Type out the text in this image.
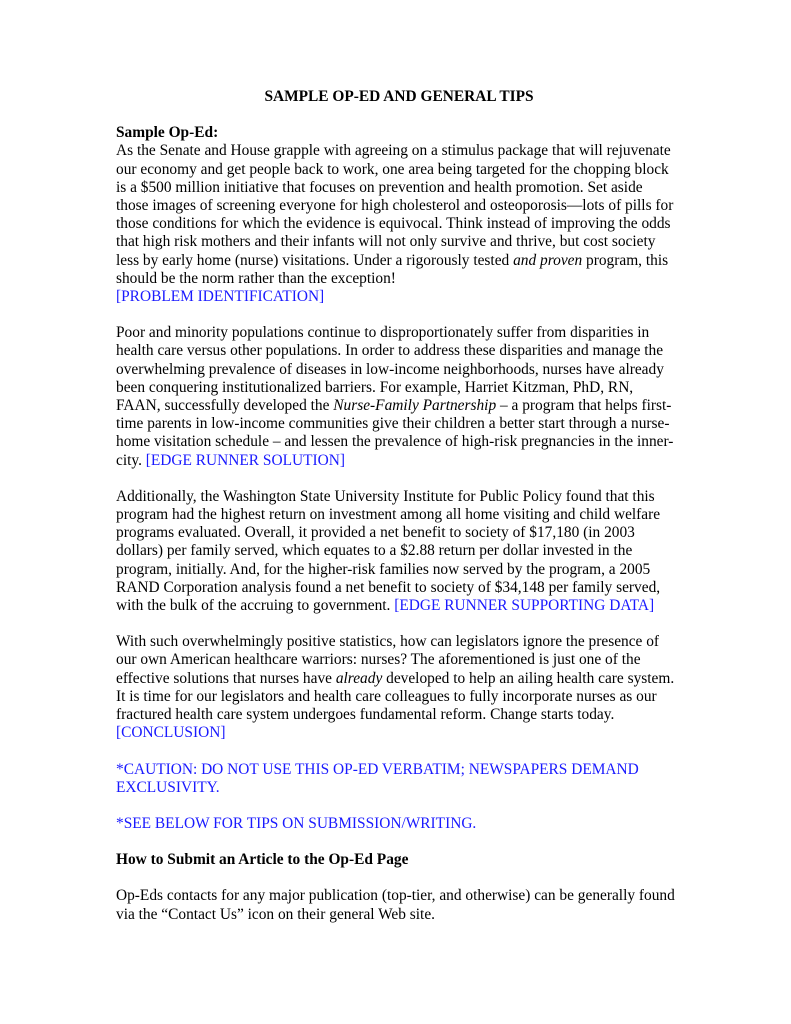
SAMPLE OP-ED AND GENERAL TIPS
Sample Op-Ed:

As the Senate and House grapple with agreeing on a stimulus package that will rejuvenate our economy and get people back to work, one area being targeted for the chopping block is a $500 million initiative that focuses on prevention and health promotion. Set aside those images of screening everyone for high cholesterol and osteoporosis—lots of pills for those conditions for which the evidence is equivocal. Think instead of improving the odds that high risk mothers and their infants will not only survive and thrive, but cost society less by early home (nurse) visitations. Under a rigorously tested and proven program, this should be the norm rather than the exception!
[PROBLEM IDENTIFICATION]

Poor and minority populations continue to disproportionately suffer from disparities in health care versus other populations. In order to address these disparities and manage the overwhelming prevalence of diseases in low-income neighborhoods, nurses have already been conquering institutionalized barriers. For example, Harriet Kitzman, PhD, RN, FAAN, successfully developed the Nurse-Family Partnership – a program that helps first-time parents in low-income communities give their children a better start through a nurse-home visitation schedule – and lessen the prevalence of high-risk pregnancies in the inner-city. [EDGE RUNNER SOLUTION]

Additionally, the Washington State University Institute for Public Policy found that this program had the highest return on investment among all home visiting and child welfare programs evaluated. Overall, it provided a net benefit to society of $17,180 (in 2003 dollars) per family served, which equates to a $2.88 return per dollar invested in the program, initially. And, for the higher-risk families now served by the program, a 2005 RAND Corporation analysis found a net benefit to society of $34,148 per family served, with the bulk of the accruing to government. [EDGE RUNNER SUPPORTING DATA]

With such overwhelmingly positive statistics, how can legislators ignore the presence of our own American healthcare warriors: nurses? The aforementioned is just one of the effective solutions that nurses have already developed to help an ailing health care system. It is time for our legislators and health care colleagues to fully incorporate nurses as our fractured health care system undergoes fundamental reform. Change starts today. [CONCLUSION]

*CAUTION: DO NOT USE THIS OP-ED VERBATIM; NEWSPAPERS DEMAND EXCLUSIVITY.

*SEE BELOW FOR TIPS ON SUBMISSION/WRITING.

How to Submit an Article to the Op-Ed Page

Op-Eds contacts for any major publication (top-tier, and otherwise) can be generally found via the “Contact Us” icon on their general Web site.
